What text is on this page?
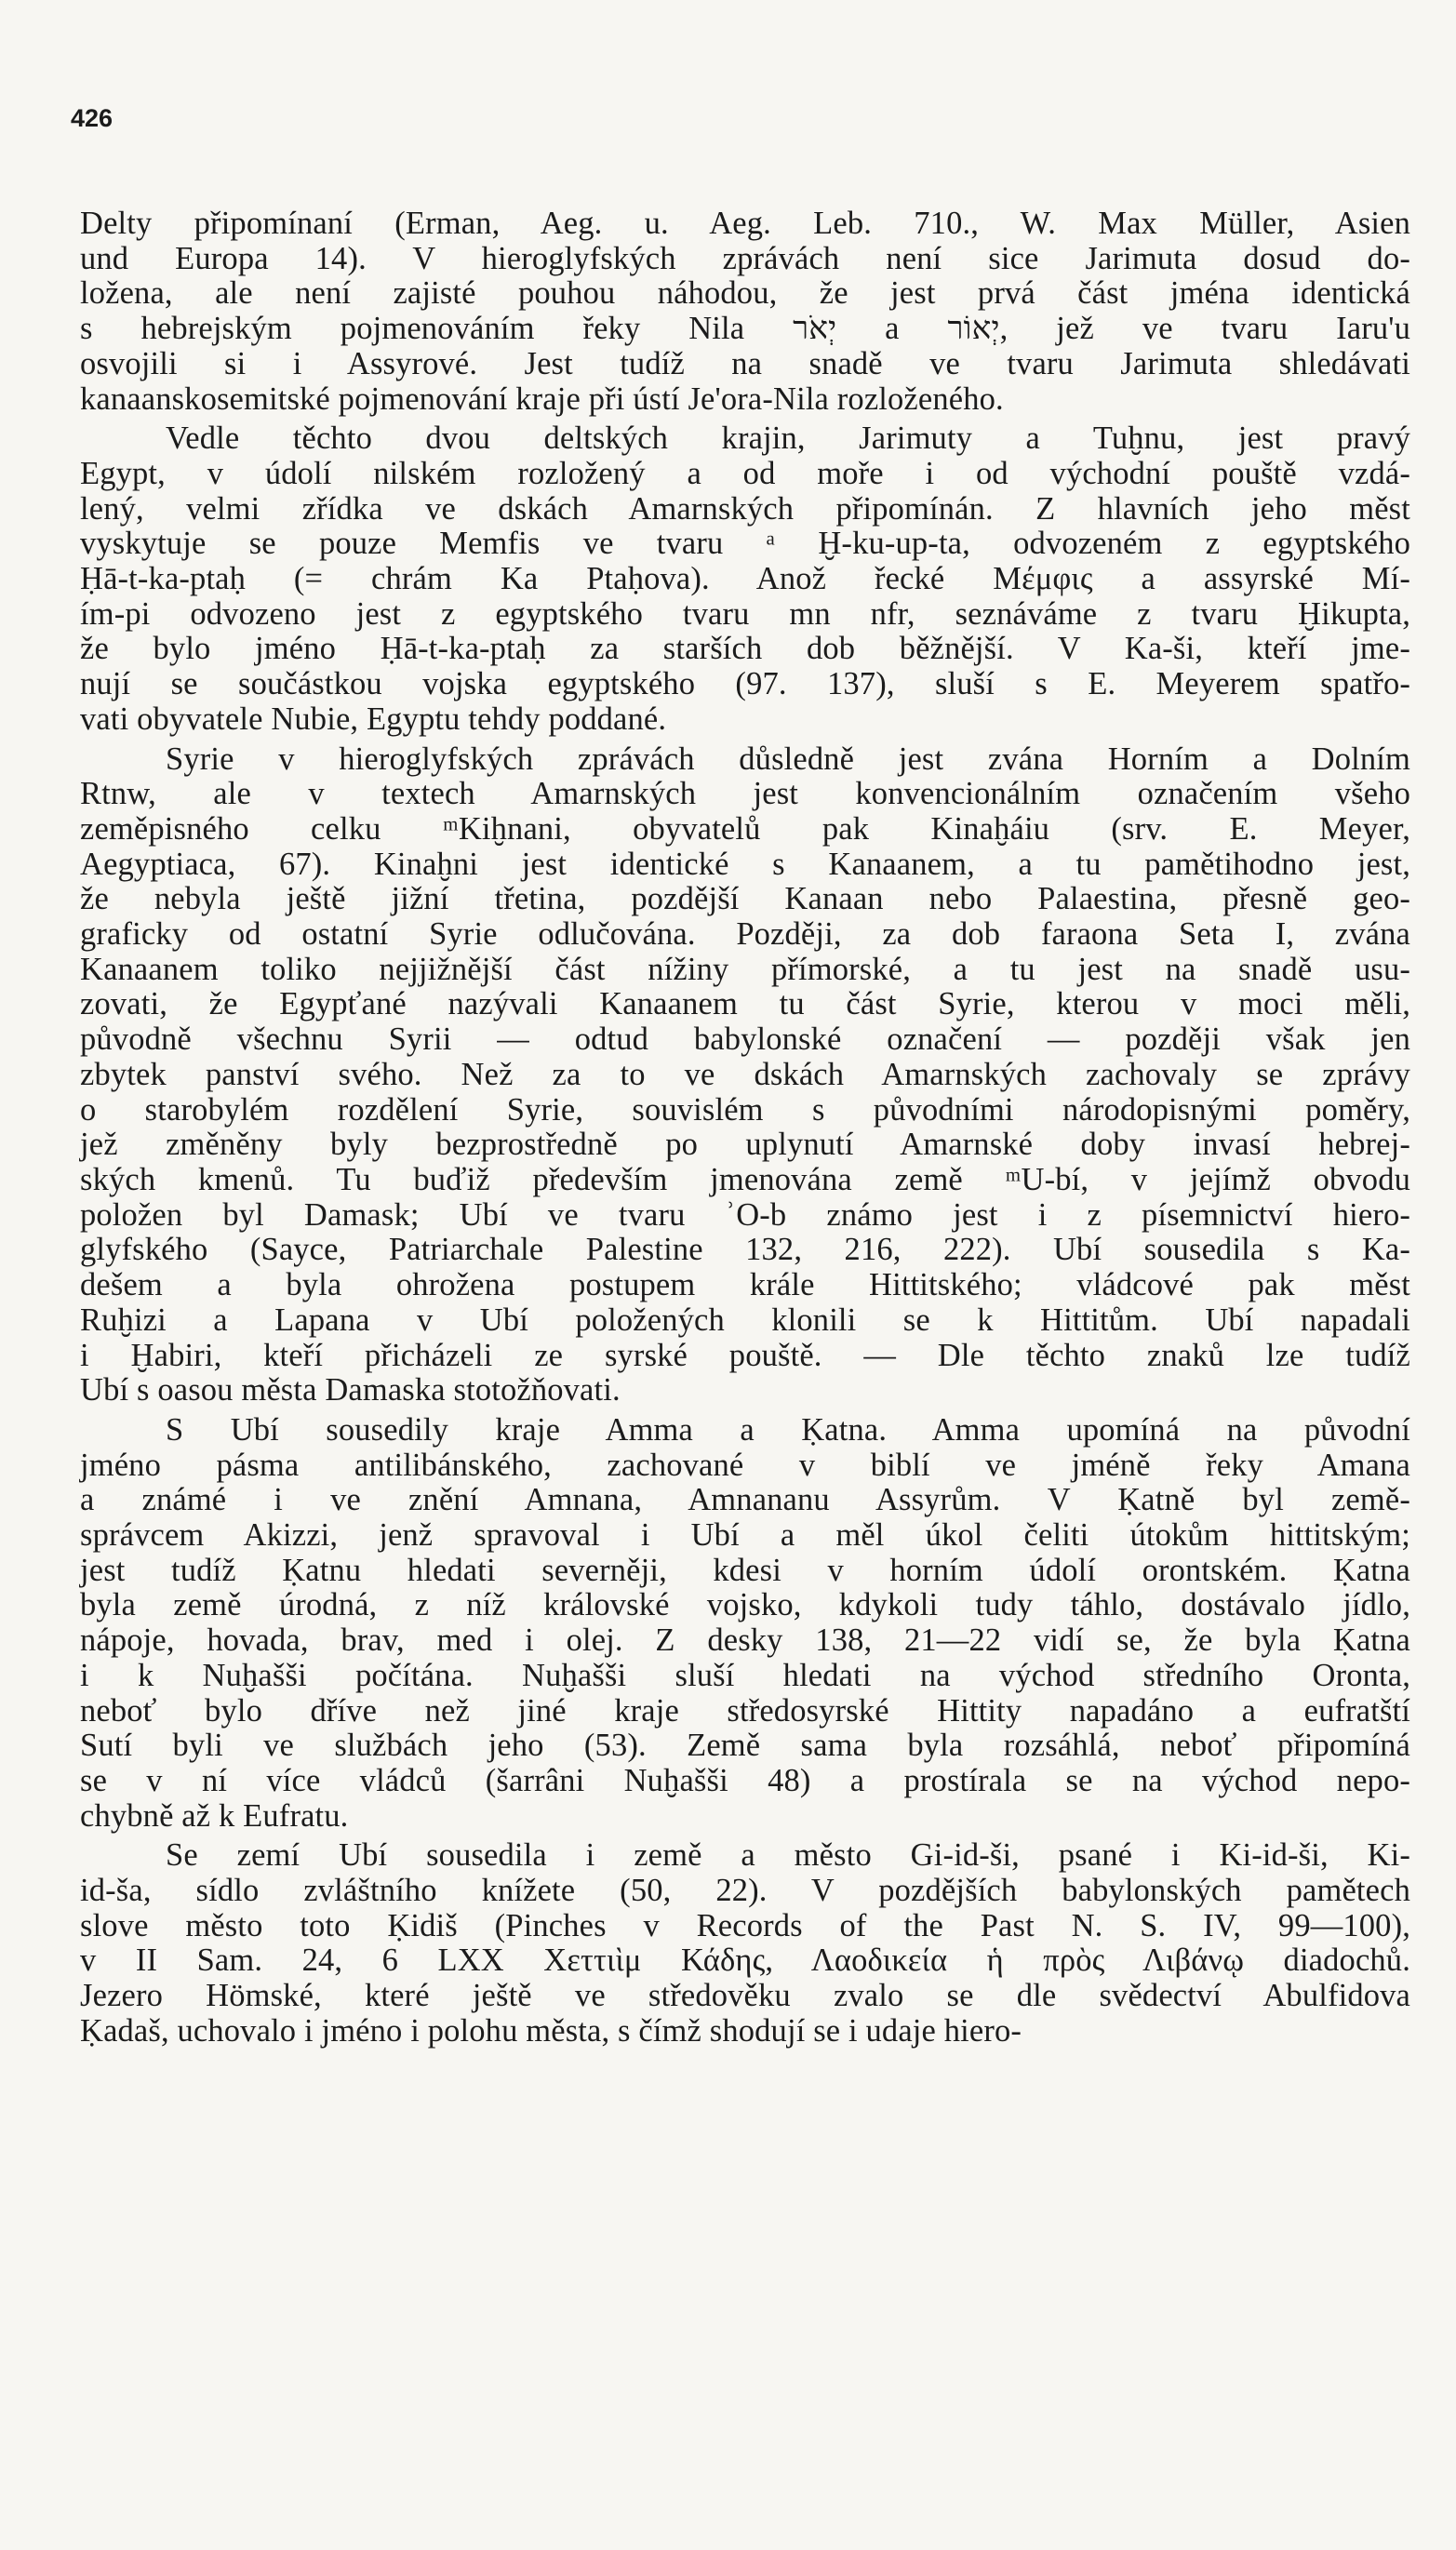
426
Delty připomínaní (Erman, Aeg. u. Aeg. Leb. 710., W. Max Müller, Asien
und Europa 14). V hieroglyfských zprávách není sice Jarimuta dosud do-
ložena, ale není zajisté pouhou náhodou, že jest prvá část jména identická
s hebrejským pojmenováním řeky Nila יְאֹר a יְאוֹר, jež ve tvaru Iaru'u
osvojili si i Assyrové. Jest tudíž na snadě ve tvaru Jarimuta shledávati
kanaanskosemitské pojmenování kraje při ústí Je'ora-Nila rozloženého.
Vedle těchto dvou deltských krajin, Jarimuty a Tuḫnu, jest pravý
Egypt, v údolí nilském rozložený a od moře i od východní pouště vzdá-
lený, velmi zřídka ve dskách Amarnských připomínán. Z hlavních jeho měst
vyskytuje se pouze Memfis ve tvaru ᵃ Ḫ-ku-up-ta, odvozeném z egyptského
Ḥā-t-ka-ptaḥ (= chrám Ka Ptaḥova). Anož řecké Μέμφις a assyrské Mí-
ím-pi odvozeno jest z egyptského tvaru mn nfr, seznáváme z tvaru Ḫikupta,
že bylo jméno Ḥā-t-ka-ptaḥ za starších dob běžnější. V Ka-ši, kteří jme-
nují se součástkou vojska egyptského (97. 137), sluší s E. Meyerem spatřo-
vati obyvatele Nubie, Egyptu tehdy poddané.
Syrie v hieroglyfských zprávách důsledně jest zvána Horním a Dolním
Rtnw, ale v textech Amarnských jest konvencionálním označením všeho
zeměpisného celku ᵐKiḫnani, obyvatelů pak Kinaḫáiu (srv. E. Meyer,
Aegyptiaca, 67). Kinaḫni jest identické s Kanaanem, a tu pamětihodno jest,
že nebyla ještě jižní třetina, pozdější Kanaan nebo Palaestina, přesně geo-
graficky od ostatní Syrie odlučována. Později, za dob faraona Seta I, zvána
Kanaanem toliko nejjižnější část nížiny přímorské, a tu jest na snadě usu-
zovati, že Egypťané nazývali Kanaanem tu část Syrie, kterou v moci měli,
původně všechnu Syrii — odtud babylonské označení — později však jen
zbytek panství svého. Než za to ve dskách Amarnských zachovaly se zprávy
o starobylém rozdělení Syrie, souvislém s původními národopisnými poměry,
jež změněny byly bezprostředně po uplynutí Amarnské doby invasí hebrej-
ských kmenů. Tu buďiž především jmenována země ᵐU-bí, v jejímž obvodu
položen byl Damask; Ubí ve tvaru ʾO-b známo jest i z písemnictví hiero-
glyfského (Sayce, Patriarchale Palestine 132, 216, 222). Ubí sousedila s Ka-
dešem a byla ohrožena postupem krále Hittitského; vládcové pak měst
Ruḫizi a Lapana v Ubí položených klonili se k Hittitům. Ubí napadali
i Ḫabiri, kteří přicházeli ze syrské pouště. — Dle těchto znaků lze tudíž
Ubí s oasou města Damaska stotožňovati.
S Ubí sousedily kraje Amma a Ḳatna. Amma upomíná na původní
jméno pásma antilibánského, zachované v biblí ve jméně řeky Amana
a známé i ve znění Amnana, Amnananu Assyrům. V Ḳatně byl země-
správcem Akizzi, jenž spravoval i Ubí a měl úkol čeliti útokům hittitským;
jest tudíž Ḳatnu hledati severněji, kdesi v horním údolí orontském. Ḳatna
byla země úrodná, z níž královské vojsko, kdykoli tudy táhlo, dostávalo jídlo,
nápoje, hovada, brav, med i olej. Z desky 138, 21—22 vidí se, že byla Ḳatna
i k Nuḫašši počítána. Nuḫašši sluší hledati na východ středního Oronta,
neboť bylo dříve než jiné kraje středosyrské Hittity napadáno a eufratští
Sutí byli ve službách jeho (53). Země sama byla rozsáhlá, neboť připomíná
se v ní více vládců (šarrâni Nuḫašši 48) a prostírala se na východ nepo-
chybně až k Eufratu.
Se zemí Ubí sousedila i země a město Gi-id-ši, psané i Ki-id-ši, Ki-
id-ša, sídlo zvláštního knížete (50, 22). V pozdějších babylonských pamětech
slove město toto Ḳidiš (Pinches v Records of the Past N. S. IV, 99—100),
v II Sam. 24, 6 LXX Χεττιὶμ Κάδης, Λαοδικεία ἡ πρὸς Λιβάνῳ diadochů.
Jezero Hömské, které ještě ve středověku zvalo se dle svědectví Abulfidova
Ḳadaš, uchovalo i jméno i polohu města, s čímž shodují se i udaje hiero-
